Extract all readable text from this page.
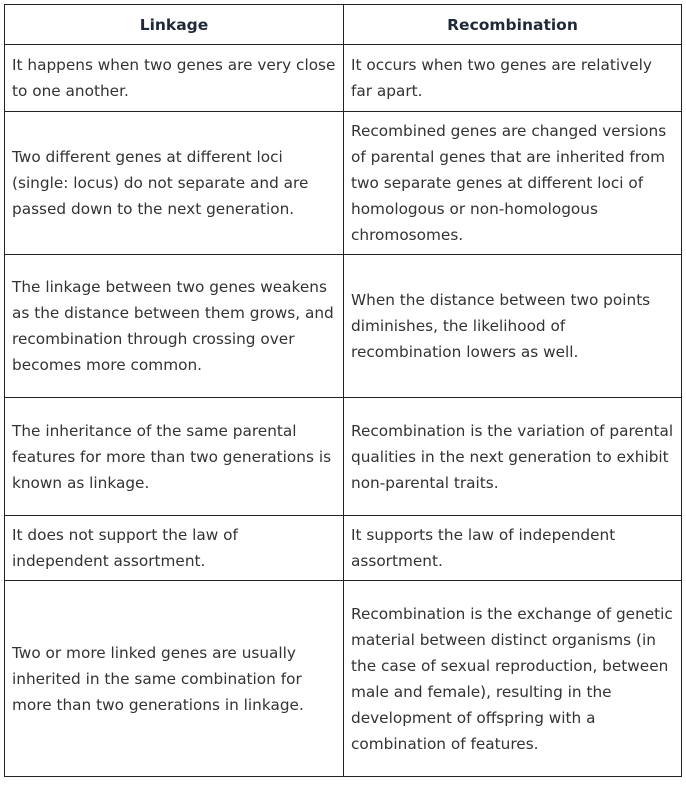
Linkage	Recombination
It happens when two genes are very close to one another.	It occurs when two genes are relatively far apart.
Two different genes at different loci (single: locus) do not separate and are passed down to the next generation.	Recombined genes are changed versions of parental genes that are inherited from two separate genes at different loci of homologous or non-homologous chromosomes.
The linkage between two genes weakens as the distance between them grows, and recombination through crossing over becomes more common.	When the distance between two points diminishes, the likelihood of recombination lowers as well.
The inheritance of the same parental features for more than two generations is known as linkage.	Recombination is the variation of parental qualities in the next generation to exhibit non-parental traits.
It does not support the law of independent assortment.	It supports the law of independent assortment.
Two or more linked genes are usually inherited in the same combination for more than two generations in linkage.	Recombination is the exchange of genetic material between distinct organisms (in the case of sexual reproduction, between male and female), resulting in the development of offspring with a combination of features.
